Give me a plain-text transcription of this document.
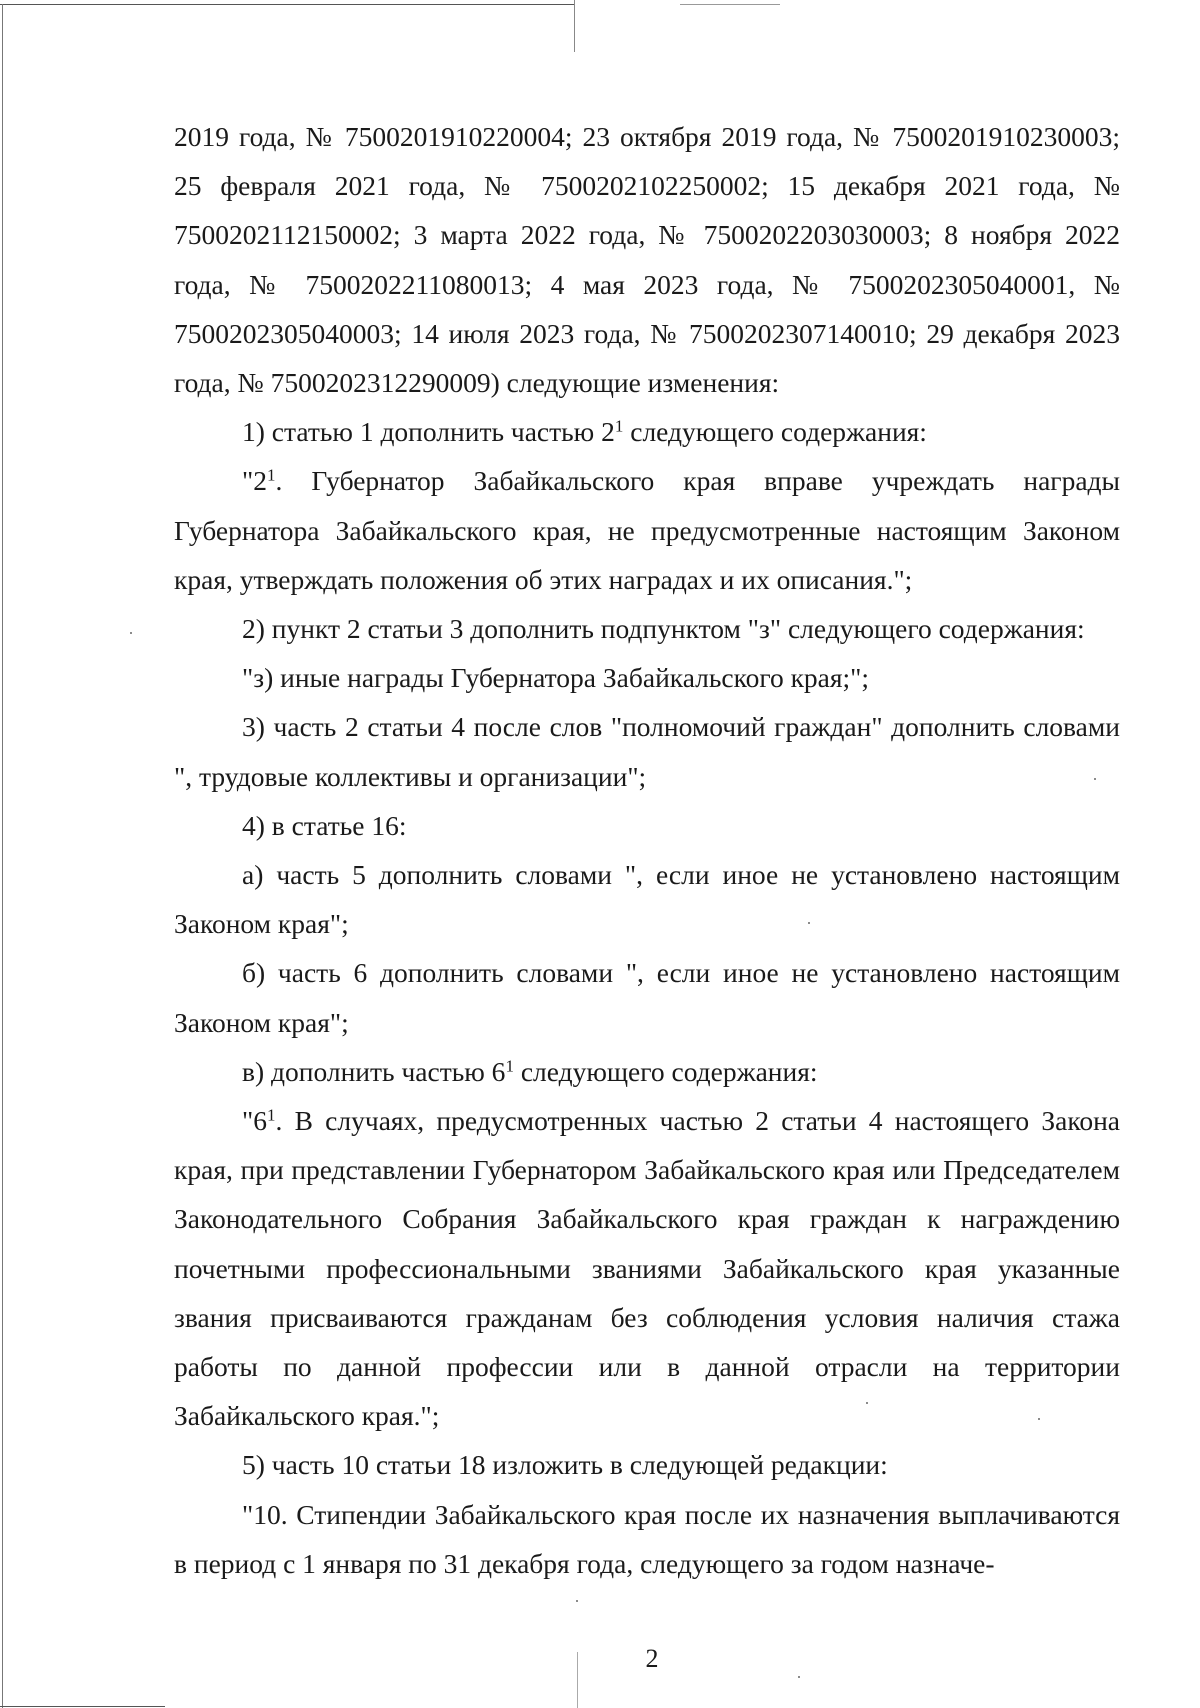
2019 года, № 7500201910220004; 23 октября 2019 года, № 7500201910230003; 25 февраля 2021 года, № 7500202102250002; 15 декабря 2021 года, № 7500202112150002; 3 марта 2022 года, № 7500202203030003; 8 ноября 2022 года, № 7500202211080013; 4 мая 2023 года, № 7500202305040001, № 7500202305040003; 14 июля 2023 года, № 7500202307140010; 29 декабря 2023 года, № 7500202312290009) следующие изменения:

1) статью 1 дополнить частью $2^1$ следующего содержания:

"$2^1$. Губернатор Забайкальского края вправе учреждать награды Губернатора Забайкальского края, не предусмотренные настоящим Законом края, утверждать положения об этих наградах и их описания.";

2) пункт 2 статьи 3 дополнить подпунктом "з" следующего содержания:

"з) иные награды Губернатора Забайкальского края;";

3) часть 2 статьи 4 после слов "полномочий граждан" дополнить словами ", трудовые коллективы и организации";

4) в статье 16:

а) часть 5 дополнить словами ", если иное не установлено настоящим Законом края";

б) часть 6 дополнить словами ", если иное не установлено настоящим Законом края";

в) дополнить частью $6^1$ следующего содержания:

"$6^1$. В случаях, предусмотренных частью 2 статьи 4 настоящего Закона края, при представлении Губернатором Забайкальского края или Председателем Законодательного Собрания Забайкальского края граждан к награждению почетными профессиональными званиями Забайкальского края указанные звания присваиваются гражданам без соблюдения условия наличия стажа работы по данной профессии или в данной отрасли на территории Забайкальского края.";

5) часть 10 статьи 18 изложить в следующей редакции:

"10. Стипендии Забайкальского края после их назначения выплачиваются в период с 1 января по 31 декабря года, следующего за годом назначе-

2
